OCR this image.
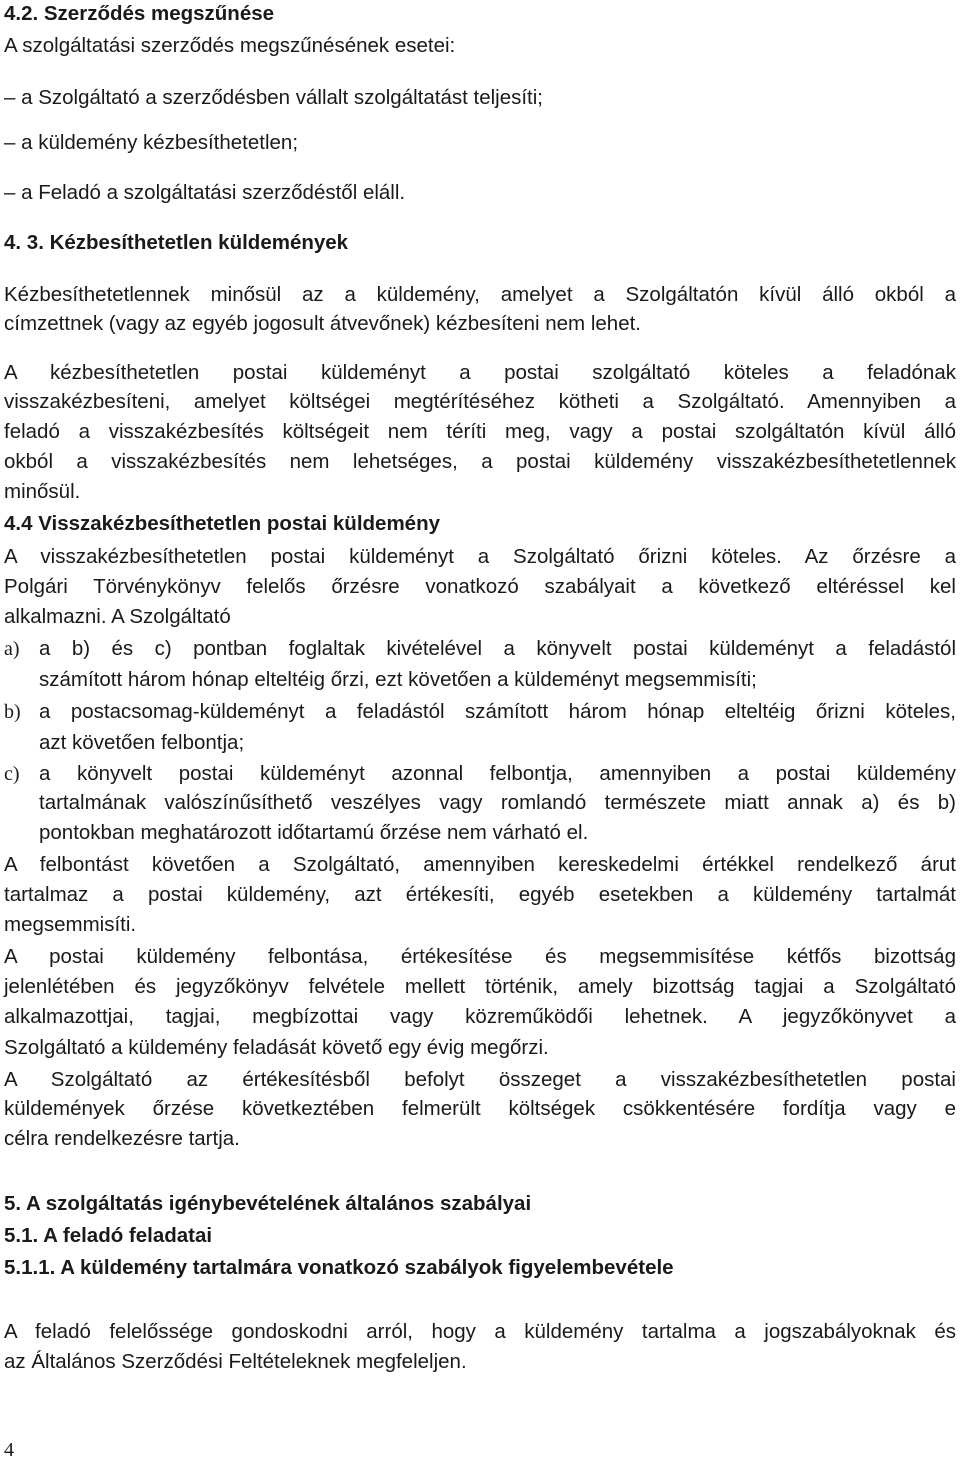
4.2. Szerződés megszűnése
A szolgáltatási szerződés megszűnésének esetei:
– a Szolgáltató a szerződésben vállalt szolgáltatást teljesíti;
– a küldemény kézbesíthetetlen;
– a Feladó a szolgáltatási szerződéstől eláll.
4. 3. Kézbesíthetetlen küldemények
Kézbesíthetetlennek minősül az a küldemény, amelyet a Szolgáltatón kívül álló okból a
címzettnek (vagy az egyéb jogosult átvevőnek) kézbesíteni nem lehet.
A kézbesíthetetlen postai küldeményt a postai szolgáltató köteles a feladónak
visszakézbesíteni, amelyet költségei megtérítéséhez kötheti a Szolgáltató. Amennyiben a
feladó a visszakézbesítés költségeit nem téríti meg, vagy a postai szolgáltatón kívül álló
okból a visszakézbesítés nem lehetséges, a postai küldemény visszakézbesíthetetlennek
minősül.
4.4 Visszakézbesíthetetlen postai küldemény
A visszakézbesíthetetlen postai küldeményt a Szolgáltató őrizni köteles. Az őrzésre a
Polgári Törvénykönyv felelős őrzésre vonatkozó szabályait a következő eltéréssel kel
alkalmazni. A Szolgáltató
a) a b) és c) pontban foglaltak kivételével a könyvelt postai küldeményt a feladástól
számított három hónap elteltéig őrzi, ezt követően a küldeményt megsemmisíti;
b) a postacsomag-küldeményt a feladástól számított három hónap elteltéig őrizni köteles,
azt követően felbontja;
c) a könyvelt postai küldeményt azonnal felbontja, amennyiben a postai küldemény
tartalmának valószínűsíthető veszélyes vagy romlandó természete miatt annak a) és b)
pontokban meghatározott időtartamú őrzése nem várható el.
A felbontást követően a Szolgáltató, amennyiben kereskedelmi értékkel rendelkező árut
tartalmaz a postai küldemény, azt értékesíti, egyéb esetekben a küldemény tartalmát
megsemmisíti.
A postai küldemény felbontása, értékesítése és megsemmisítése kétfős bizottság
jelenlétében és jegyzőkönyv felvétele mellett történik, amely bizottság tagjai a Szolgáltató
alkalmazottjai, tagjai, megbízottai vagy közreműködői lehetnek. A jegyzőkönyvet a
Szolgáltató a küldemény feladását követő egy évig megőrzi.
A Szolgáltató az értékesítésből befolyt összeget a visszakézbesíthetetlen postai
küldemények őrzése következtében felmerült költségek csökkentésére fordítja vagy e
célra rendelkezésre tartja.
5. A szolgáltatás igénybevételének általános szabályai
5.1. A feladó feladatai
5.1.1. A küldemény tartalmára vonatkozó szabályok figyelembevétele
A feladó felelőssége gondoskodni arról, hogy a küldemény tartalma a jogszabályoknak és
az Általános Szerződési Feltételeknek megfeleljen.
4
